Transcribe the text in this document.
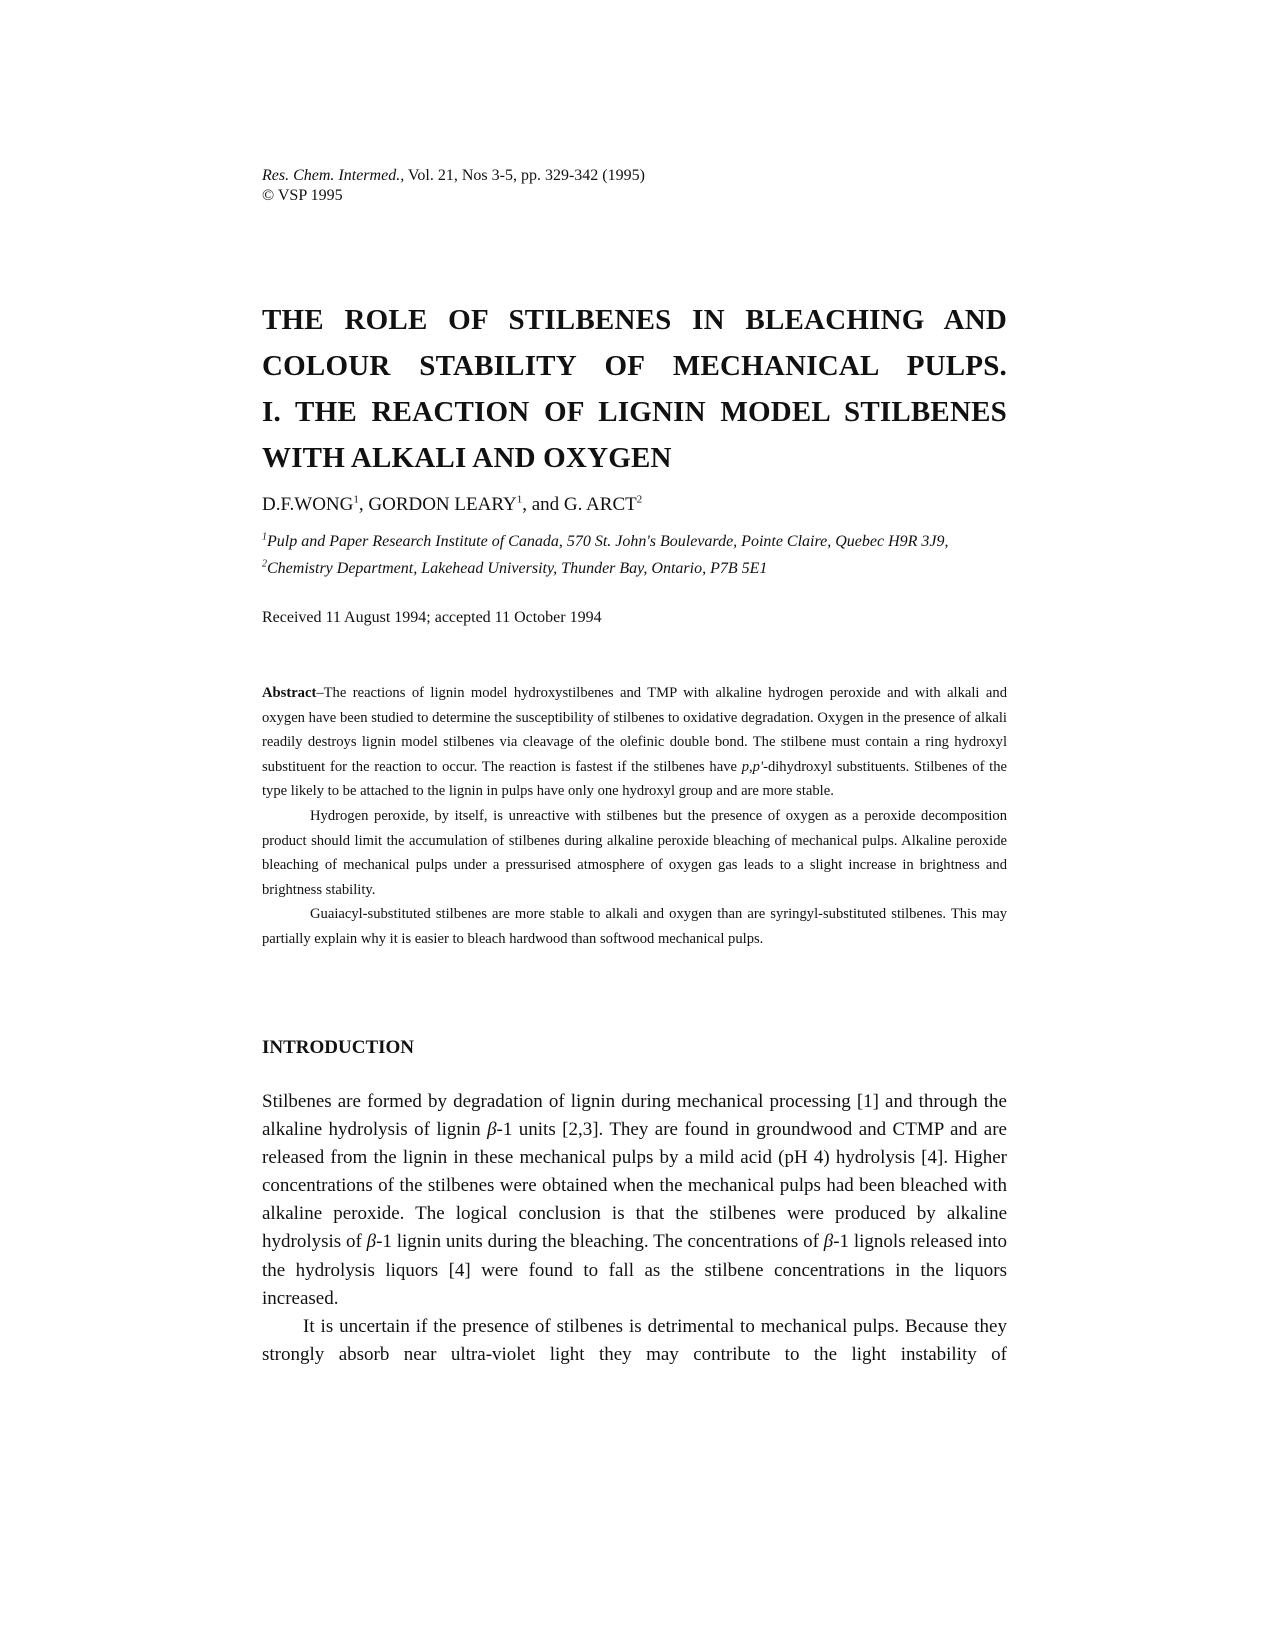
Res. Chem. Intermed., Vol. 21, Nos 3-5, pp. 329-342 (1995)
© VSP 1995
THE ROLE OF STILBENES IN BLEACHING AND
COLOUR STABILITY OF MECHANICAL PULPS.
I. THE REACTION OF LIGNIN MODEL STILBENES
WITH ALKALI AND OXYGEN
D.F.WONG$^1$, GORDON LEARY$^1$, and G. ARCT$^2$
$^1$Pulp and Paper Research Institute of Canada, 570 St. John's Boulevarde, Pointe Claire, Quebec H9R 3J9,
$^2$Chemistry Department, Lakehead University, Thunder Bay, Ontario, P7B 5E1
Received 11 August 1994; accepted 11 October 1994

Abstract–The reactions of lignin model hydroxystilbenes and TMP with alkaline hydrogen peroxide and with alkali and oxygen have been studied to determine the susceptibility of stilbenes to oxidative degradation. Oxygen in the presence of alkali readily destroys lignin model stilbenes via cleavage of the olefinic double bond. The stilbene must contain a ring hydroxyl substituent for the reaction to occur. The reaction is fastest if the stilbenes have p,p'-dihydroxyl substituents. Stilbenes of the type likely to be attached to the lignin in pulps have only one hydroxyl group and are more stable.

Hydrogen peroxide, by itself, is unreactive with stilbenes but the presence of oxygen as a peroxide decomposition product should limit the accumulation of stilbenes during alkaline peroxide bleaching of mechanical pulps. Alkaline peroxide bleaching of mechanical pulps under a pressurised atmosphere of oxygen gas leads to a slight increase in brightness and brightness stability.

Guaiacyl-substituted stilbenes are more stable to alkali and oxygen than are syringyl-substituted stilbenes. This may partially explain why it is easier to bleach hardwood than softwood mechanical pulps.

INTRODUCTION

Stilbenes are formed by degradation of lignin during mechanical processing [1] and through the alkaline hydrolysis of lignin β-1 units [2,3]. They are found in groundwood and CTMP and are released from the lignin in these mechanical pulps by a mild acid (pH 4) hydrolysis [4]. Higher concentrations of the stilbenes were obtained when the mechanical pulps had been bleached with alkaline peroxide. The logical conclusion is that the stilbenes were produced by alkaline hydrolysis of β-1 lignin units during the bleaching. The concentrations of β-1 lignols released into the hydrolysis liquors [4] were found to fall as the stilbene concentrations in the liquors increased.

It is uncertain if the presence of stilbenes is detrimental to mechanical pulps. Because they strongly absorb near ultra-violet light they may contribute to the light instability of
